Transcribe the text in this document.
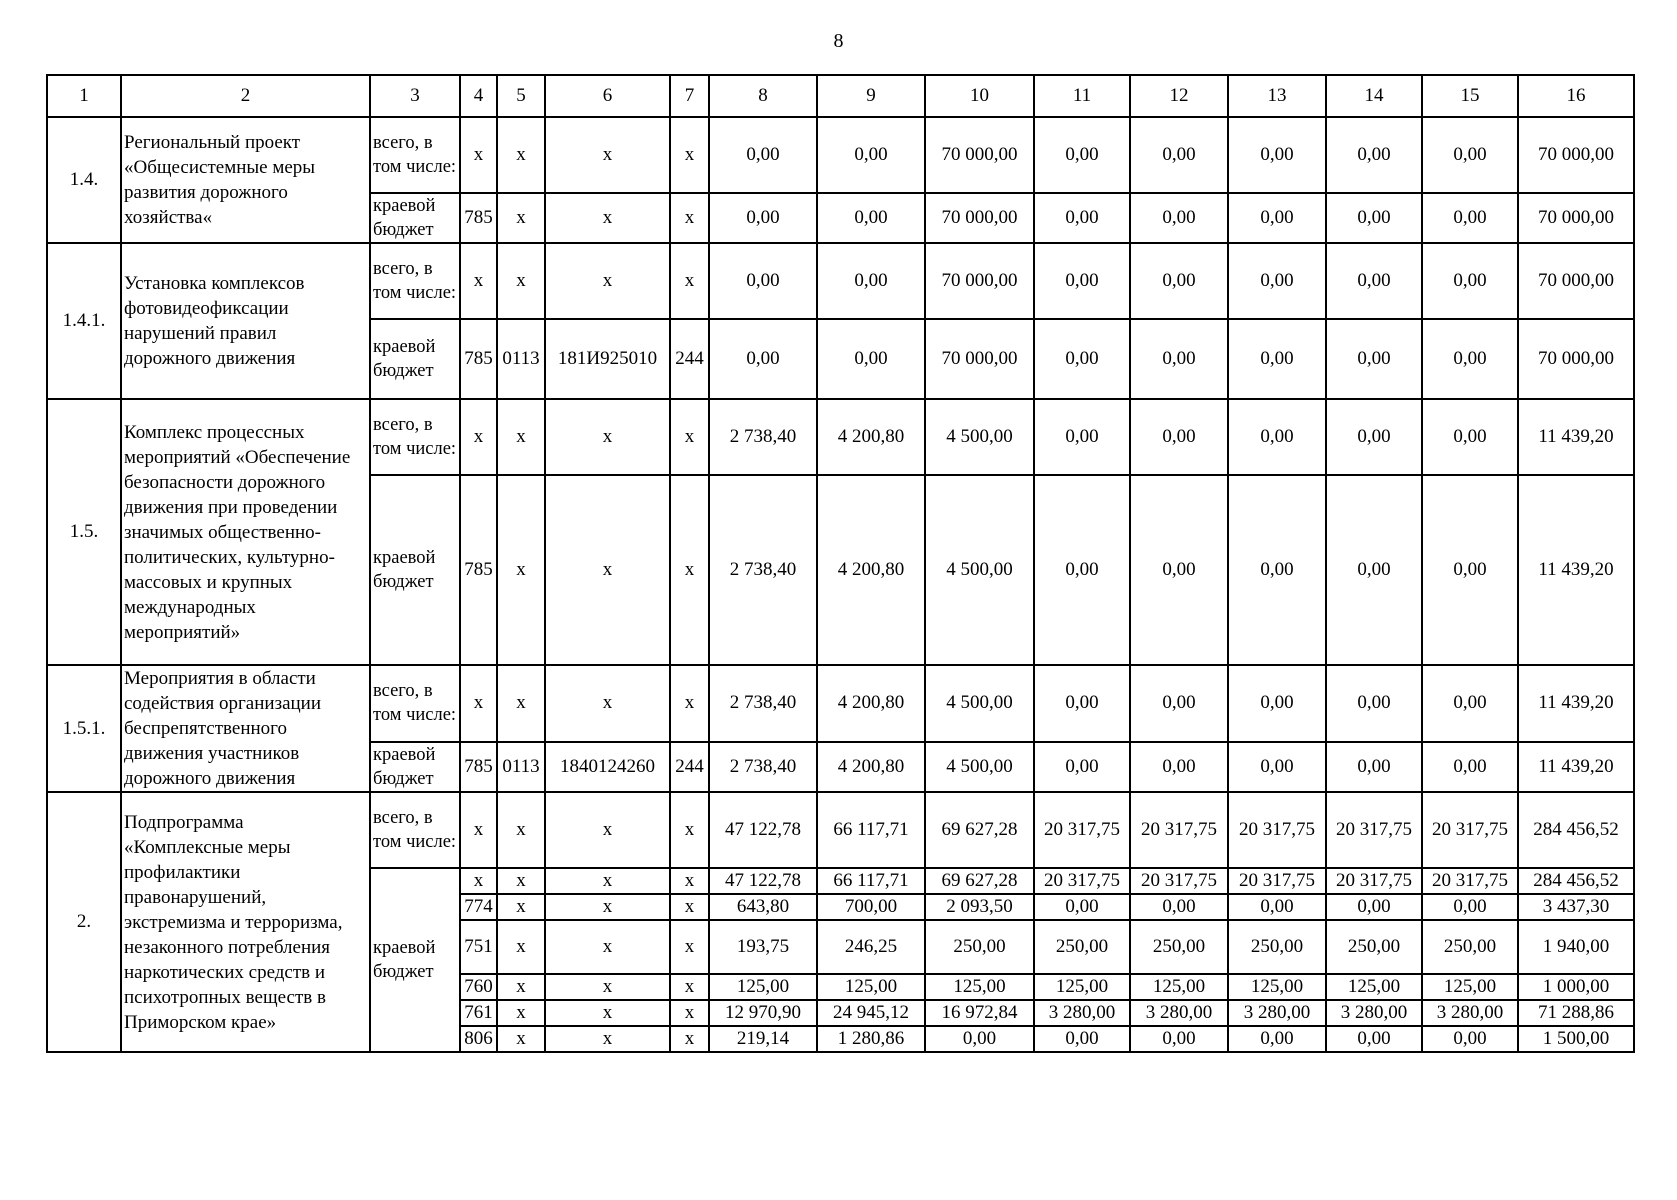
8
1	2	3	4	5	6	7	8	9	10	11	12	13	14	15	16
1.4.	Региональный проект «Общесистемные меры развития дорожного хозяйства«	всего, в том числе:	x	x	x	x	0,00	0,00	70 000,00	0,00	0,00	0,00	0,00	0,00	70 000,00
		краевой бюджет	785	x	x	x	0,00	0,00	70 000,00	0,00	0,00	0,00	0,00	0,00	70 000,00
1.4.1.	Установка комплексов фотовидеофиксации нарушений правил дорожного движения	всего, в том числе:	x	x	x	x	0,00	0,00	70 000,00	0,00	0,00	0,00	0,00	0,00	70 000,00
		краевой бюджет	785	0113	181И925010	244	0,00	0,00	70 000,00	0,00	0,00	0,00	0,00	0,00	70 000,00
1.5.	Комплекс процессных мероприятий «Обеспечение безопасности дорожного движения при проведении значимых общественно-политических, культурно-массовых и крупных международных мероприятий»	всего, в том числе:	x	x	x	x	2 738,40	4 200,80	4 500,00	0,00	0,00	0,00	0,00	0,00	11 439,20
		краевой бюджет	785	x	x	x	2 738,40	4 200,80	4 500,00	0,00	0,00	0,00	0,00	0,00	11 439,20
1.5.1.	Мероприятия в области содействия организации беспрепятственного движения участников дорожного движения	всего, в том числе:	x	x	x	x	2 738,40	4 200,80	4 500,00	0,00	0,00	0,00	0,00	0,00	11 439,20
		краевой бюджет	785	0113	1840124260	244	2 738,40	4 200,80	4 500,00	0,00	0,00	0,00	0,00	0,00	11 439,20
2.	Подпрограмма «Комплексные меры профилактики правонарушений, экстремизма и терроризма, незаконного потребления наркотических средств и психотропных веществ в Приморском крае»	всего, в том числе:	x	x	x	x	47 122,78	66 117,71	69 627,28	20 317,75	20 317,75	20 317,75	20 317,75	20 317,75	284 456,52
		краевой бюджет	x	x	x	x	47 122,78	66 117,71	69 627,28	20 317,75	20 317,75	20 317,75	20 317,75	20 317,75	284 456,52
			774	x	x	x	643,80	700,00	2 093,50	0,00	0,00	0,00	0,00	0,00	3 437,30
			751	x	x	x	193,75	246,25	250,00	250,00	250,00	250,00	250,00	250,00	1 940,00
			760	x	x	x	125,00	125,00	125,00	125,00	125,00	125,00	125,00	125,00	1 000,00
			761	x	x	x	12 970,90	24 945,12	16 972,84	3 280,00	3 280,00	3 280,00	3 280,00	3 280,00	71 288,86
			806	x	x	x	219,14	1 280,86	0,00	0,00	0,00	0,00	0,00	0,00	1 500,00
